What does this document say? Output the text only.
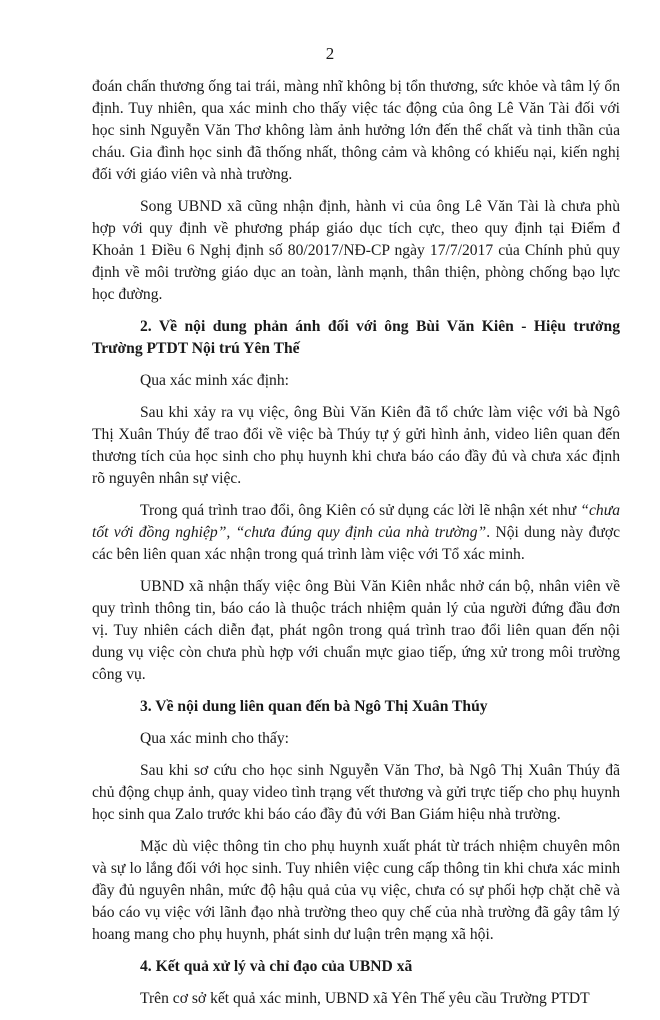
2

đoán chấn thương ống tai trái, màng nhĩ không bị tổn thương, sức khỏe và tâm lý ổn định. Tuy nhiên, qua xác minh cho thấy việc tác động của ông Lê Văn Tài đối với học sinh Nguyễn Văn Thơ không làm ảnh hưởng lớn đến thể chất và tinh thần của cháu. Gia đình học sinh đã thống nhất, thông cảm và không có khiếu nại, kiến nghị đối với giáo viên và nhà trường.

Song UBND xã cũng nhận định, hành vi của ông Lê Văn Tài là chưa phù hợp với quy định về phương pháp giáo dục tích cực, theo quy định tại Điểm đ Khoản 1 Điều 6 Nghị định số 80/2017/NĐ-CP ngày 17/7/2017 của Chính phủ quy định về môi trường giáo dục an toàn, lành mạnh, thân thiện, phòng chống bạo lực học đường.

2. Về nội dung phản ánh đối với ông Bùi Văn Kiên - Hiệu trưởng Trường PTDT Nội trú Yên Thế

Qua xác minh xác định:

Sau khi xảy ra vụ việc, ông Bùi Văn Kiên đã tổ chức làm việc với bà Ngô Thị Xuân Thúy để trao đổi về việc bà Thúy tự ý gửi hình ảnh, video liên quan đến thương tích của học sinh cho phụ huynh khi chưa báo cáo đầy đủ và chưa xác định rõ nguyên nhân sự việc.

Trong quá trình trao đổi, ông Kiên có sử dụng các lời lẽ nhận xét như “chưa tốt với đồng nghiệp”, “chưa đúng quy định của nhà trường”. Nội dung này được các bên liên quan xác nhận trong quá trình làm việc với Tổ xác minh.

UBND xã nhận thấy việc ông Bùi Văn Kiên nhắc nhở cán bộ, nhân viên về quy trình thông tin, báo cáo là thuộc trách nhiệm quản lý của người đứng đầu đơn vị. Tuy nhiên cách diễn đạt, phát ngôn trong quá trình trao đổi liên quan đến nội dung vụ việc còn chưa phù hợp với chuẩn mực giao tiếp, ứng xử trong môi trường công vụ.

3. Về nội dung liên quan đến bà Ngô Thị Xuân Thúy

Qua xác minh cho thấy:

Sau khi sơ cứu cho học sinh Nguyễn Văn Thơ, bà Ngô Thị Xuân Thúy đã chủ động chụp ảnh, quay video tình trạng vết thương và gửi trực tiếp cho phụ huynh học sinh qua Zalo trước khi báo cáo đầy đủ với Ban Giám hiệu nhà trường.

Mặc dù việc thông tin cho phụ huynh xuất phát từ trách nhiệm chuyên môn và sự lo lắng đối với học sinh. Tuy nhiên việc cung cấp thông tin khi chưa xác minh đầy đủ nguyên nhân, mức độ hậu quả của vụ việc, chưa có sự phối hợp chặt chẽ và báo cáo vụ việc với lãnh đạo nhà trường theo quy chế của nhà trường đã gây tâm lý hoang mang cho phụ huynh, phát sinh dư luận trên mạng xã hội.

4. Kết quả xử lý và chỉ đạo của UBND xã

Trên cơ sở kết quả xác minh, UBND xã Yên Thế yêu cầu Trường PTDT
